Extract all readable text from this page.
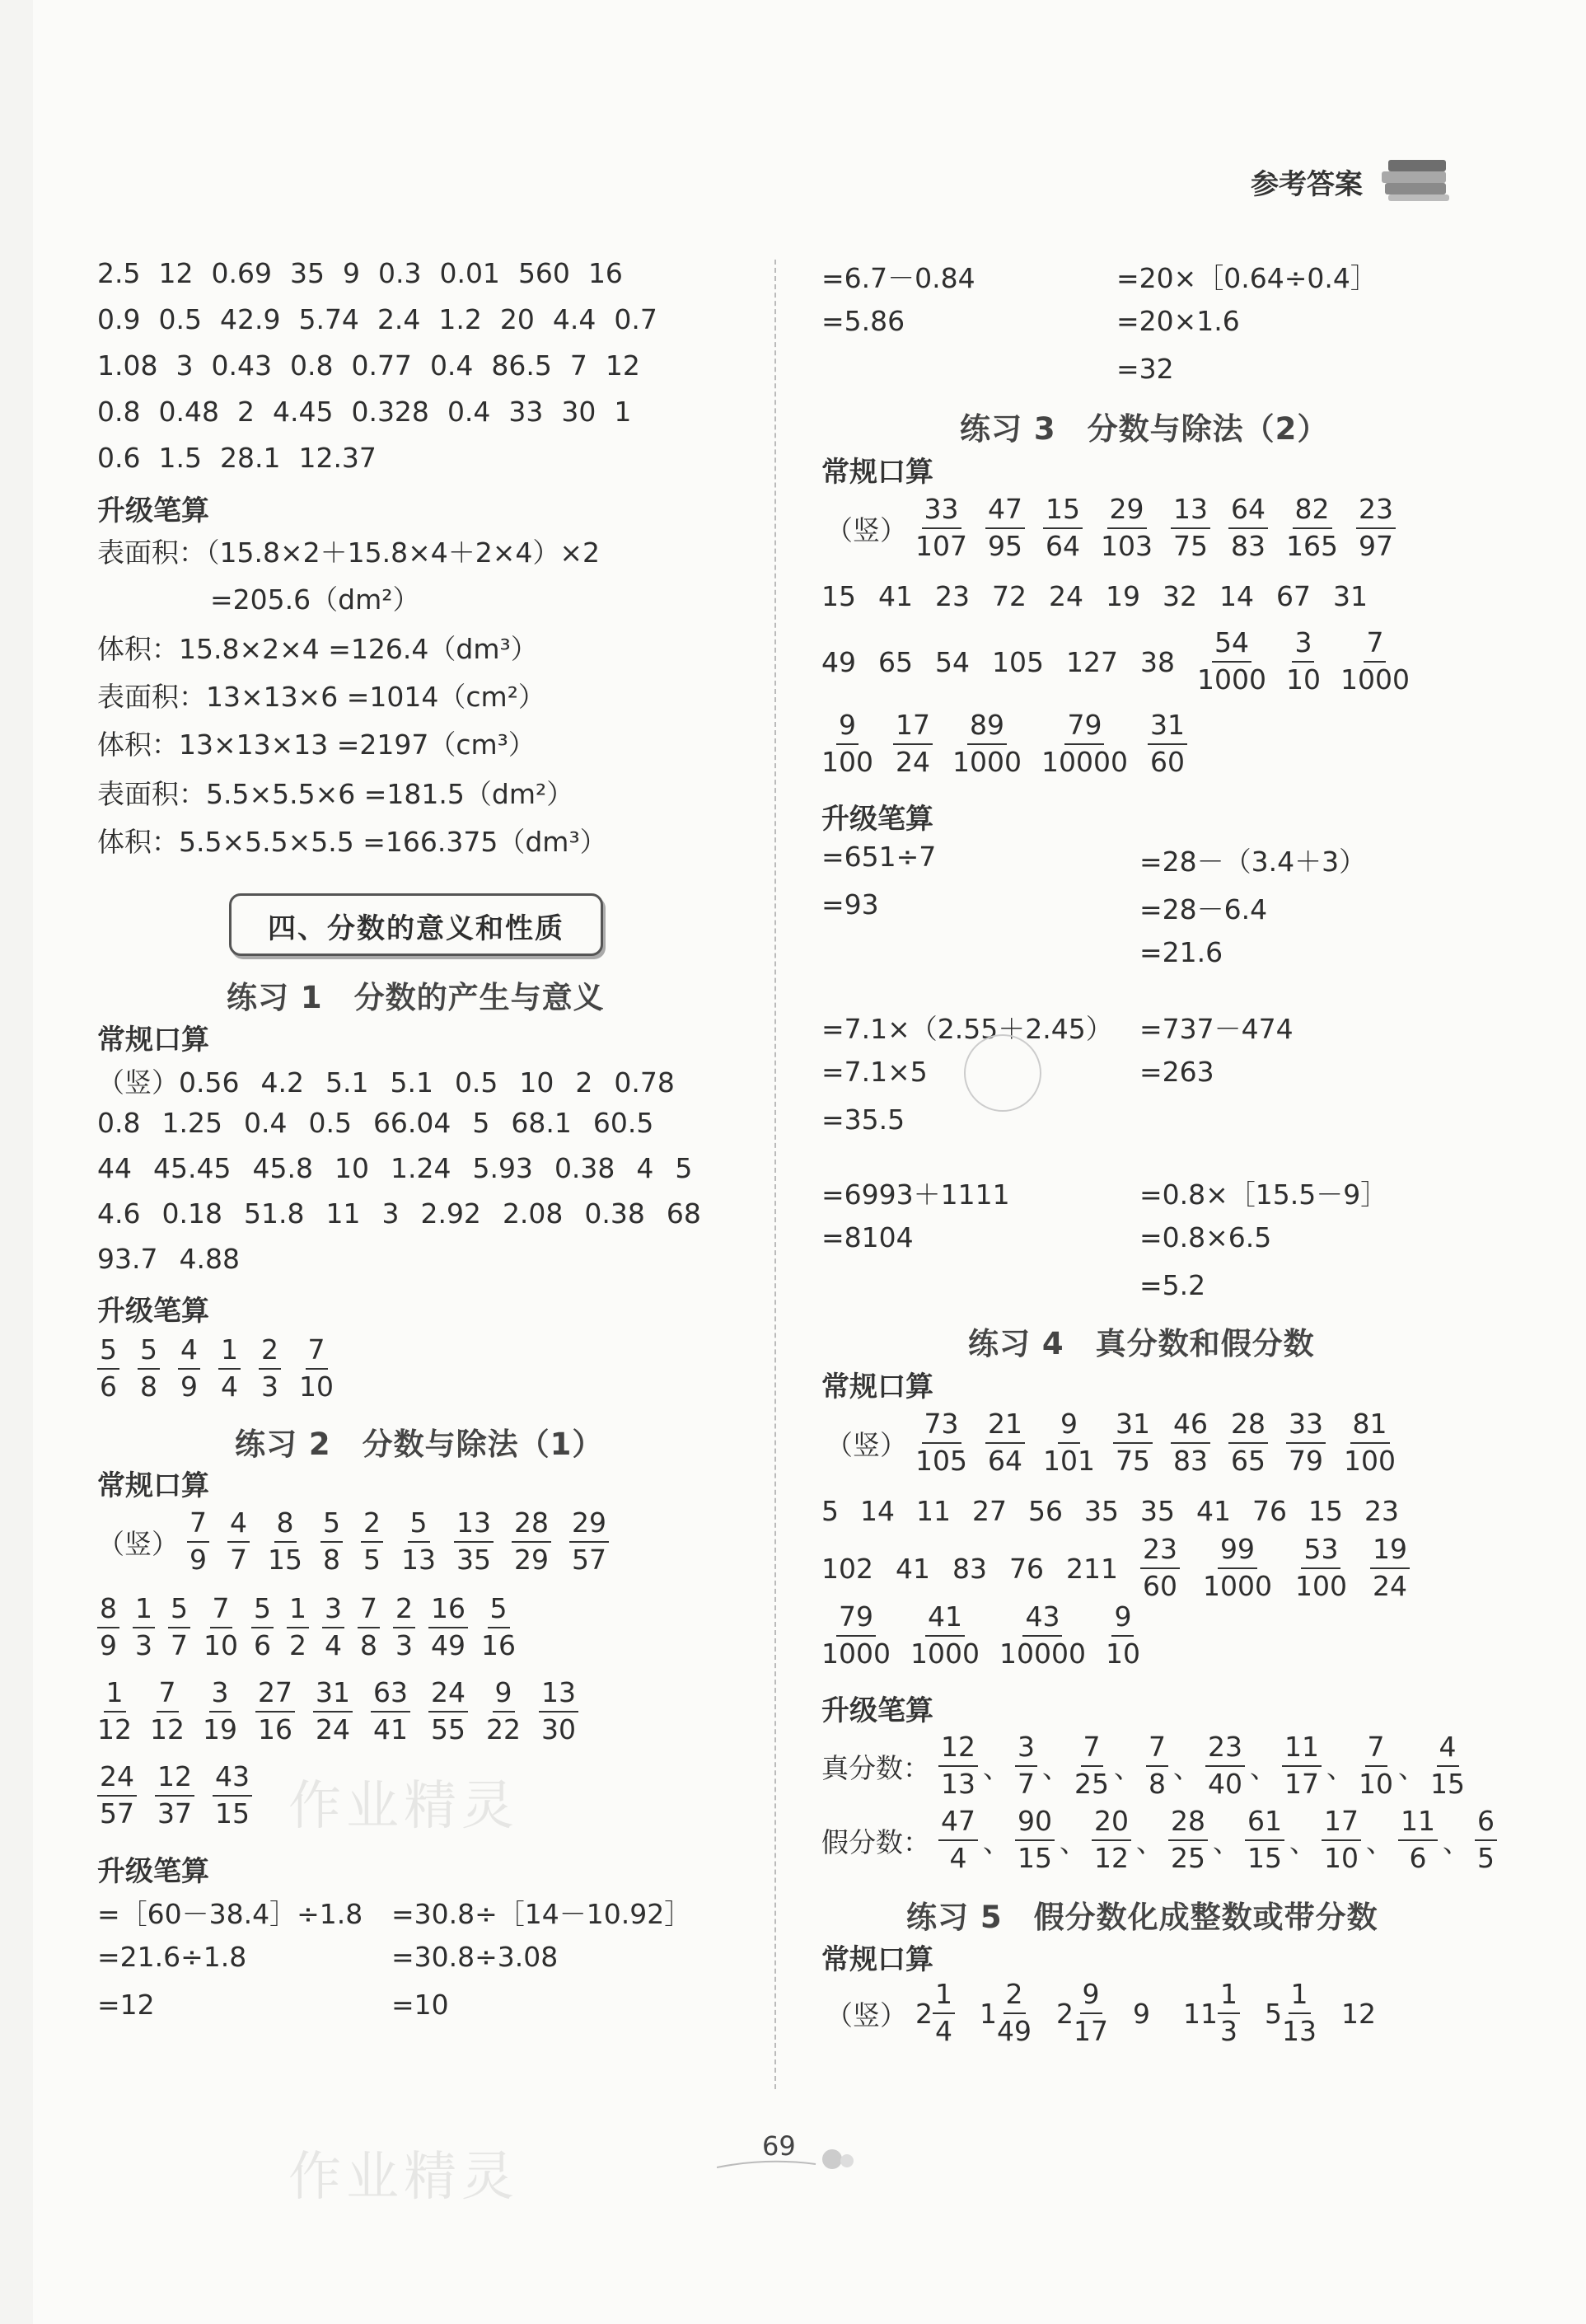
参考答案
2.5 12 0.69 35 9 0.3 0.01 560 16
0.9 0.5 42.9 5.74 2.4 1.2 20 4.4 0.7
1.08 3 0.43 0.8 0.77 0.4 86.5 7 12
0.8 0.48 2 4.45 0.328 0.4 33 30 1
0.6 1.5 28.1 12.37
升级笔算
表面积：（15.8×2＋15.8×4＋2×4）×2
=205.6（dm²）
体积：15.8×2×4 =126.4（dm³）
表面积：13×13×6 =1014（cm²）
体积：13×13×13 =2197（cm³）
表面积：5.5×5.5×6 =181.5（dm²）
体积：5.5×5.5×5.5 =166.375（dm³）
四、分数的意义和性质
练习 1　分数的产生与意义
常规口算
（竖）0.56 4.2 5.1 5.1 0.5 10 2 0.78
0.8 1.25 0.4 0.5 66.04 5 68.1 60.5
44 45.45 45.8 10 1.24 5.93 0.38 4 5
4.6 0.18 51.8 11 3 2.92 2.08 0.38 68
93.7 4.88
升级笔算
$\frac{5}{6} \frac{5}{8} \frac{4}{9} \frac{1}{4} \frac{2}{3} \frac{7}{10}$
练习 2　分数与除法（1）
常规口算
（竖） $\frac{7}{9} \frac{4}{7} \frac{8}{15} \frac{5}{8} \frac{2}{5} \frac{5}{13} \frac{13}{35} \frac{28}{29} \frac{29}{57}$
$\frac{8}{9} \frac{1}{3} \frac{5}{7} \frac{7}{10} \frac{5}{6} \frac{1}{2} \frac{3}{4} \frac{7}{8} \frac{2}{3} \frac{16}{49} \frac{5}{16}$
$\frac{1}{12} \frac{7}{12} \frac{3}{19} \frac{27}{16} \frac{31}{24} \frac{63}{41} \frac{24}{55} \frac{9}{22} \frac{13}{30}$
$\frac{24}{57} \frac{12}{37} \frac{43}{15}$
升级笔算
=［60－38.4］÷1.8
=21.6÷1.8
=12
=30.8÷［14－10.92］
=30.8÷3.08
=10
=6.7－0.84
=5.86
=20×［0.64÷0.4］
=20×1.6
=32
练习 3　分数与除法（2）
常规口算
（竖） $\frac{33}{107} \frac{47}{95} \frac{15}{64} \frac{29}{103} \frac{13}{75} \frac{64}{83} \frac{82}{165} \frac{23}{97}$
15 41 23 72 24 19 32 14 67 31
49 65 54 105 127 $38 \frac{54}{1000} \frac{3}{10} \frac{7}{1000}$
$\frac{9}{100} \frac{17}{24} \frac{89}{1000} \frac{79}{10000} \frac{31}{60}$
升级笔算
=651÷7
=93
=28－（3.4＋3）
=28－6.4
=21.6
=7.1×（2.55＋2.45）
=7.1×5
=35.5
=737－474
=263
=6993＋1111
=8104
=0.8×［15.5－9］
=0.8×6.5
=5.2
练习 4　真分数和假分数
常规口算
（竖） $\frac{73}{105} \frac{21}{64} \frac{9}{101} \frac{31}{75} \frac{46}{83} \frac{28}{65} \frac{33}{79} \frac{81}{100}$
5 14 11 27 56 35 35 41 76 15 23
102 41 83 76 $211 \frac{23}{60} \frac{99}{1000} \frac{53}{100} \frac{19}{24}$
$\frac{79}{1000} \frac{41}{1000} \frac{43}{10000} \frac{9}{10}$
升级笔算
真分数： $\frac{12}{13}$ 、 $\frac{3}{7}$ 、 $\frac{7}{25}$ 、 $\frac{7}{8}$ 、 $\frac{23}{40}$ 、 $\frac{11}{17}$ 、 $\frac{7}{10}$ 、 $\frac{4}{15}$
假分数： $\frac{47}{4}$ 、 $\frac{90}{15}$ 、 $\frac{20}{12}$ 、 $\frac{28}{25}$ 、 $\frac{61}{15}$ 、 $\frac{17}{10}$ 、 $\frac{11}{6}$ 、 $\frac{6}{5}$
练习 5　假分数化成整数或带分数
常规口算
（竖） $2 \frac{1}{4} 1 \frac{2}{49} 2 \frac{9}{17} 9$ $11 \frac{1}{3} 5 \frac{1}{13} 12$
作业精灵
作业精灵
69
